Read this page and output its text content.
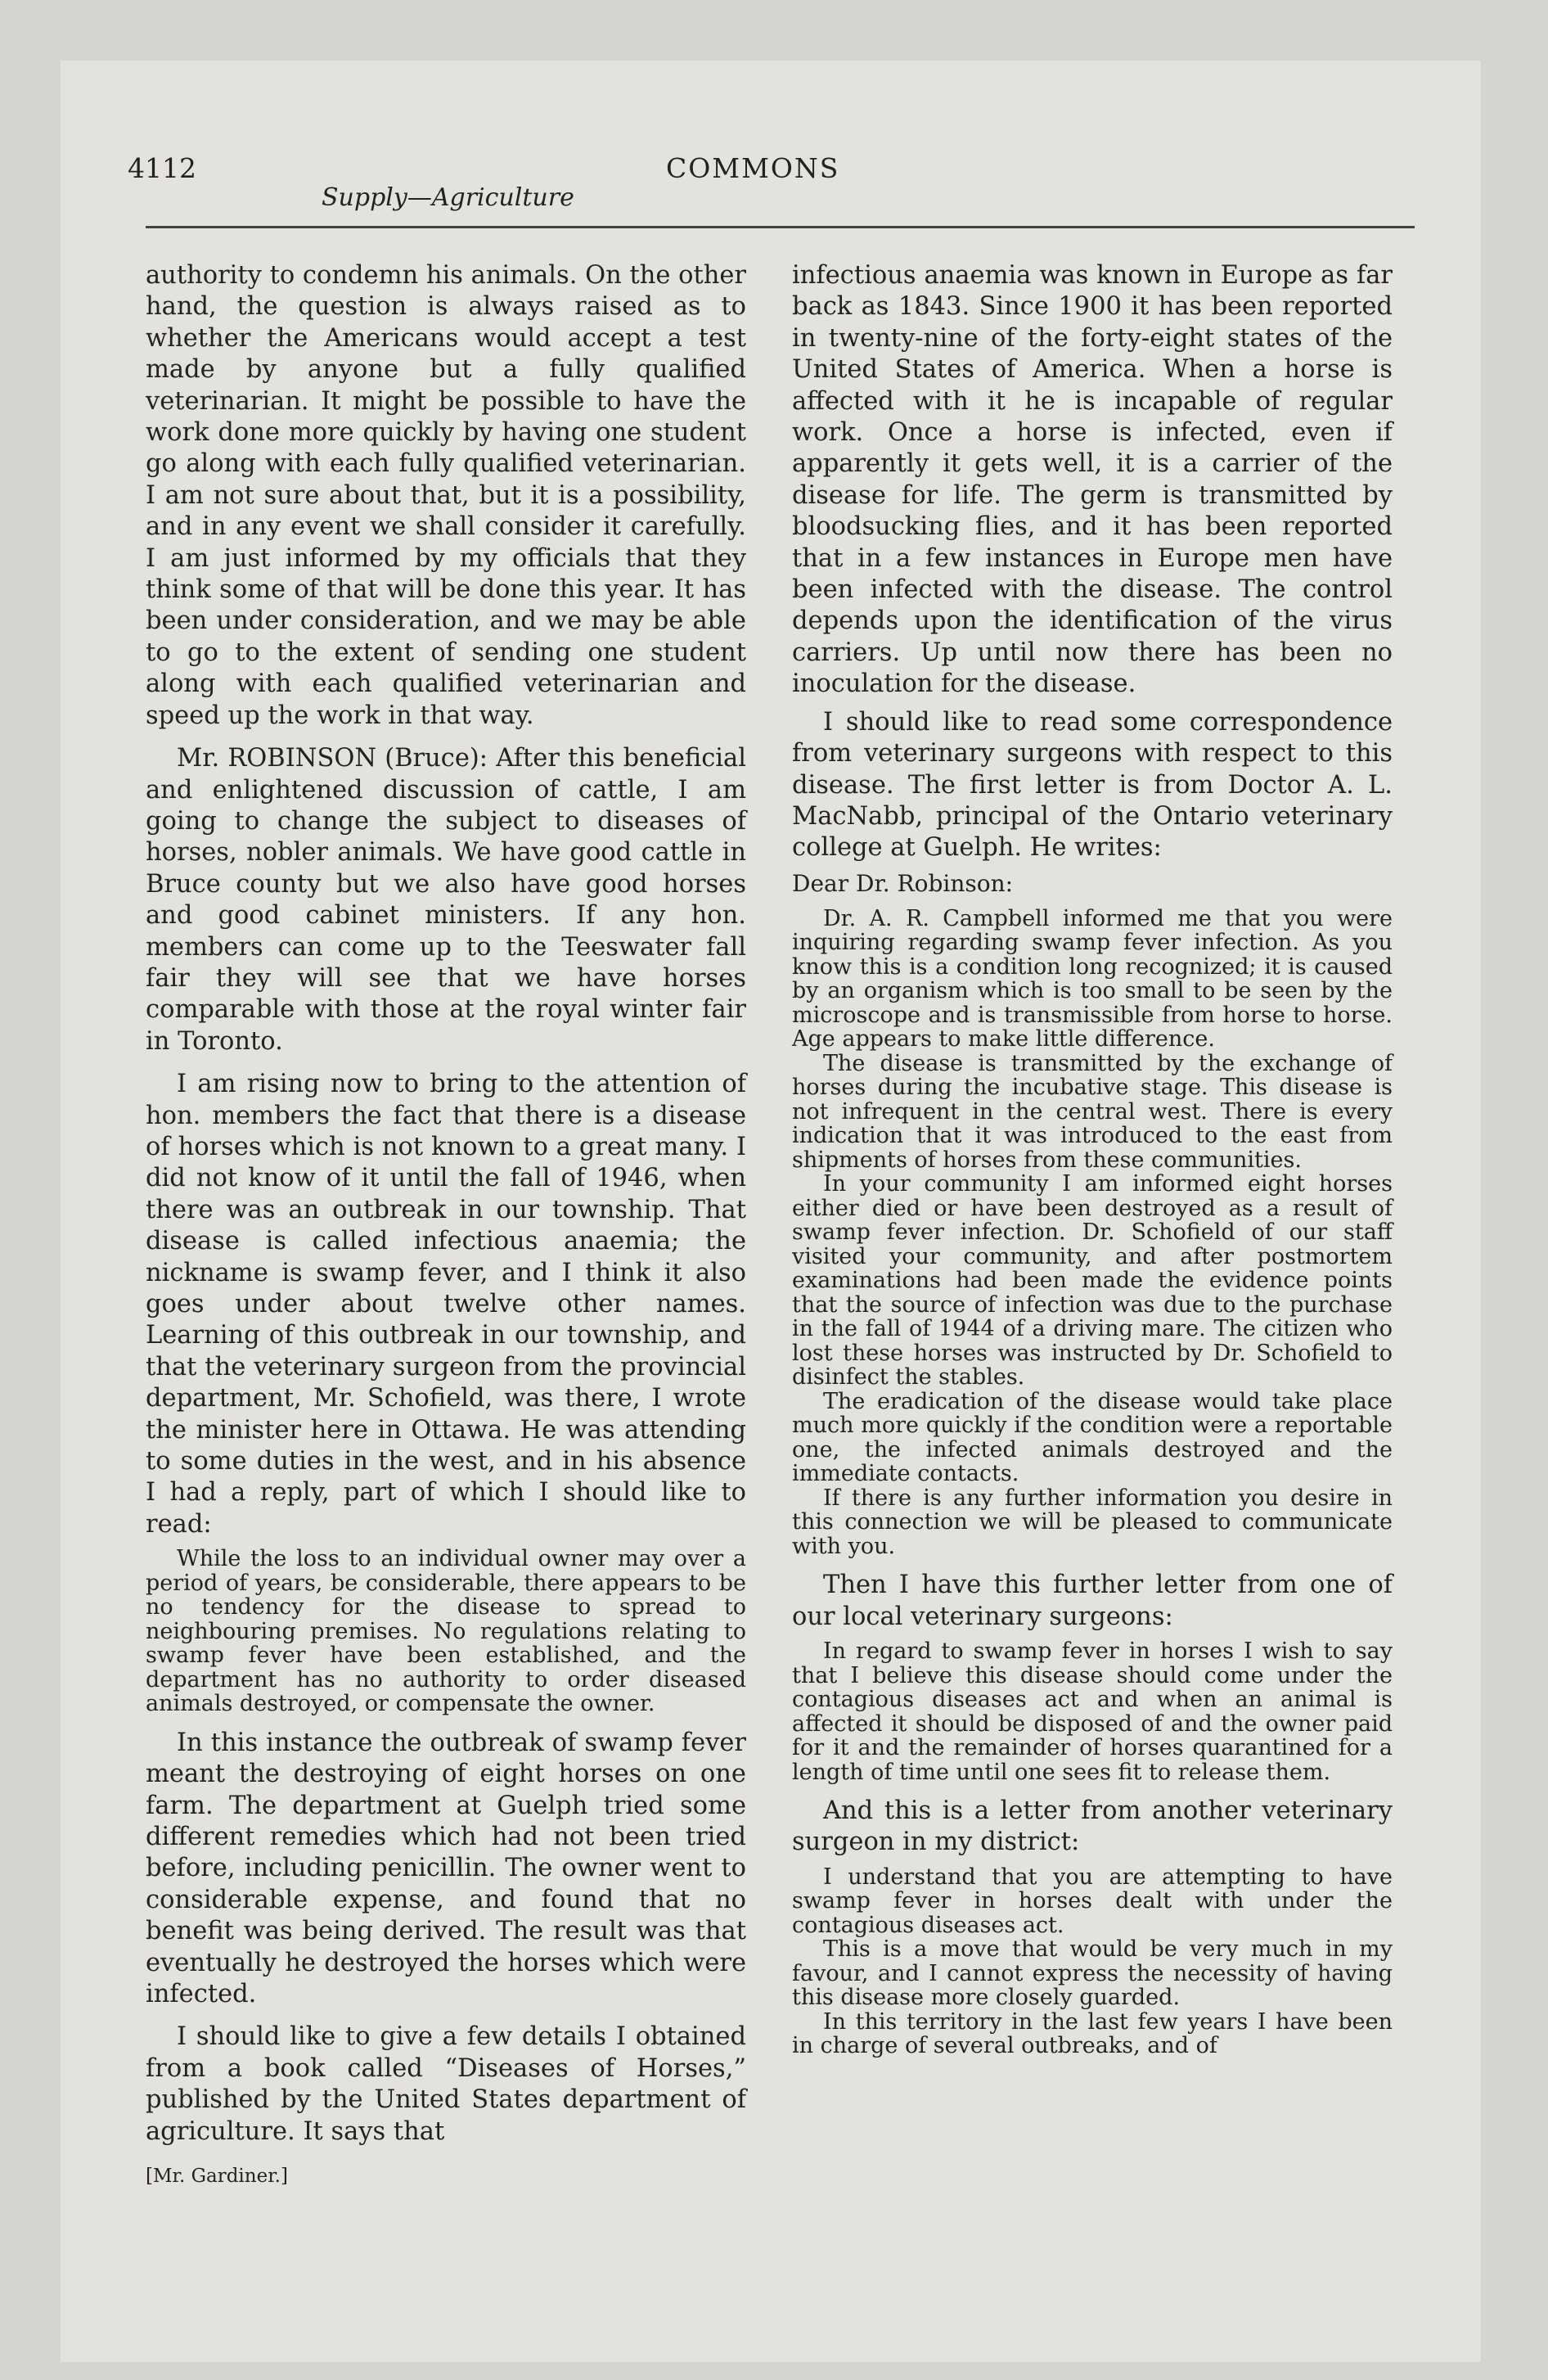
4112	COMMONS
Supply—Agriculture

authority to condemn his animals. On the other hand, the question is always raised as to whether the Americans would accept a test made by anyone but a fully qualified veterinarian. It might be possible to have the work done more quickly by having one student go along with each fully qualified veterinarian. I am not sure about that, but it is a possibility, and in any event we shall consider it carefully. I am just informed by my officials that they think some of that will be done this year. It has been under consideration, and we may be able to go to the extent of sending one student along with each qualified veterinarian and speed up the work in that way.

Mr. ROBINSON (Bruce): After this beneficial and enlightened discussion of cattle, I am going to change the subject to diseases of horses, nobler animals. We have good cattle in Bruce county but we also have good horses and good cabinet ministers. If any hon. members can come up to the Teeswater fall fair they will see that we have horses comparable with those at the royal winter fair in Toronto.

I am rising now to bring to the attention of hon. members the fact that there is a disease of horses which is not known to a great many. I did not know of it until the fall of 1946, when there was an outbreak in our township. That disease is called infectious anaemia; the nickname is swamp fever, and I think it also goes under about twelve other names. Learning of this outbreak in our township, and that the veterinary surgeon from the provincial department, Mr. Schofield, was there, I wrote the minister here in Ottawa. He was attending to some duties in the west, and in his absence I had a reply, part of which I should like to read:

While the loss to an individual owner may over a period of years, be considerable, there appears to be no tendency for the disease to spread to neighbouring premises. No regulations relating to swamp fever have been established, and the department has no authority to order diseased animals destroyed, or compensate the owner.

In this instance the outbreak of swamp fever meant the destroying of eight horses on one farm. The department at Guelph tried some different remedies which had not been tried before, including penicillin. The owner went to considerable expense, and found that no benefit was being derived. The result was that eventually he destroyed the horses which were infected.

I should like to give a few details I obtained from a book called “Diseases of Horses,” published by the United States department of agriculture. It says that

[Mr. Gardiner.]

infectious anaemia was known in Europe as far back as 1843. Since 1900 it has been reported in twenty-nine of the forty-eight states of the United States of America. When a horse is affected with it he is incapable of regular work. Once a horse is infected, even if apparently it gets well, it is a carrier of the disease for life. The germ is transmitted by bloodsucking flies, and it has been reported that in a few instances in Europe men have been infected with the disease. The control depends upon the identification of the virus carriers. Up until now there has been no inoculation for the disease.

I should like to read some correspondence from veterinary surgeons with respect to this disease. The first letter is from Doctor A. L. MacNabb, principal of the Ontario veterinary college at Guelph. He writes:

Dear Dr. Robinson:

Dr. A. R. Campbell informed me that you were inquiring regarding swamp fever infection. As you know this is a condition long recognized; it is caused by an organism which is too small to be seen by the microscope and is transmissible from horse to horse. Age appears to make little difference.

The disease is transmitted by the exchange of horses during the incubative stage. This disease is not infrequent in the central west. There is every indication that it was introduced to the east from shipments of horses from these communities.

In your community I am informed eight horses either died or have been destroyed as a result of swamp fever infection. Dr. Schofield of our staff visited your community, and after postmortem examinations had been made the evidence points that the source of infection was due to the purchase in the fall of 1944 of a driving mare. The citizen who lost these horses was instructed by Dr. Schofield to disinfect the stables.

The eradication of the disease would take place much more quickly if the condition were a reportable one, the infected animals destroyed and the immediate contacts.

If there is any further information you desire in this connection we will be pleased to communicate with you.

Then I have this further letter from one of our local veterinary surgeons:

In regard to swamp fever in horses I wish to say that I believe this disease should come under the contagious diseases act and when an animal is affected it should be disposed of and the owner paid for it and the remainder of horses quarantined for a length of time until one sees fit to release them.

And this is a letter from another veterinary surgeon in my district:

I understand that you are attempting to have swamp fever in horses dealt with under the contagious diseases act.

This is a move that would be very much in my favour, and I cannot express the necessity of having this disease more closely guarded.

In this territory in the last few years I have been in charge of several outbreaks, and of
